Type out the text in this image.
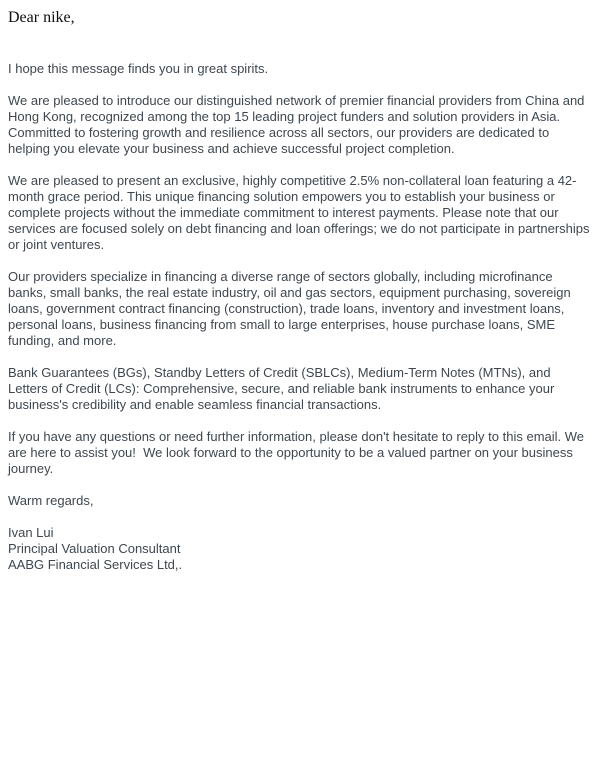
Dear nike,

I hope this message finds you in great spirits.

We are pleased to introduce our distinguished network of premier financial providers from China and Hong Kong, recognized among the top 15 leading project funders and solution providers in Asia. Committed to fostering growth and resilience across all sectors, our providers are dedicated to helping you elevate your business and achieve successful project completion.

We are pleased to present an exclusive, highly competitive 2.5% non-collateral loan featuring a 42-month grace period. This unique financing solution empowers you to establish your business or complete projects without the immediate commitment to interest payments. Please note that our services are focused solely on debt financing and loan offerings; we do not participate in partnerships or joint ventures.

Our providers specialize in financing a diverse range of sectors globally, including microfinance banks, small banks, the real estate industry, oil and gas sectors, equipment purchasing, sovereign loans, government contract financing (construction), trade loans, inventory and investment loans, personal loans, business financing from small to large enterprises, house purchase loans, SME funding, and more.

Bank Guarantees (BGs), Standby Letters of Credit (SBLCs), Medium-Term Notes (MTNs), and Letters of Credit (LCs): Comprehensive, secure, and reliable bank instruments to enhance your business's credibility and enable seamless financial transactions.

If you have any questions or need further information, please don't hesitate to reply to this email. We are here to assist you!  We look forward to the opportunity to be a valued partner on your business journey.

Warm regards,

Ivan Lui
Principal Valuation Consultant
AABG Financial Services Ltd,.
